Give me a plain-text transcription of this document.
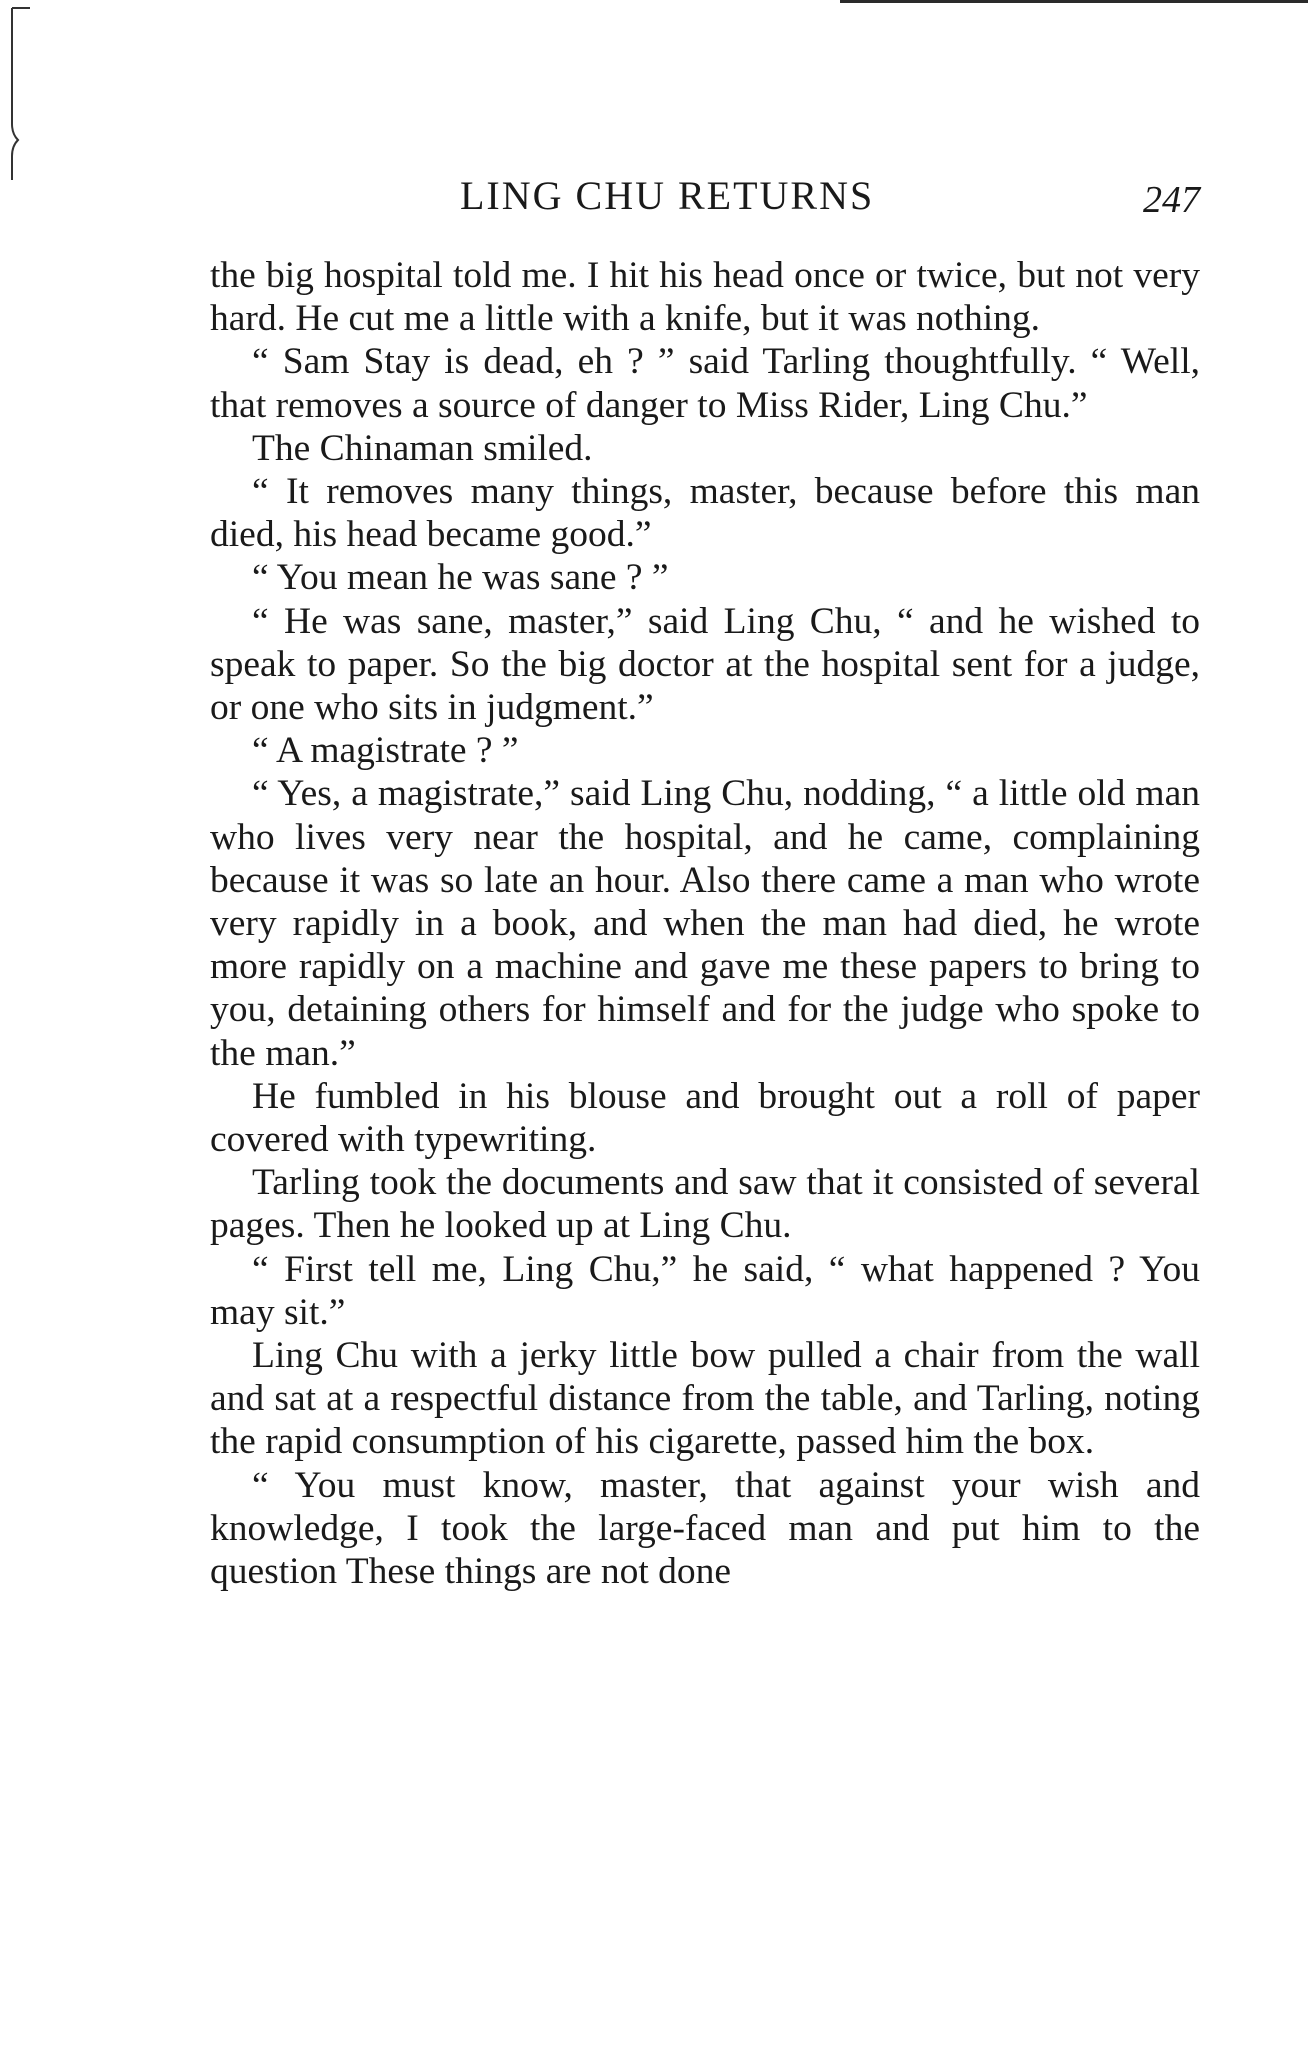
LING CHU RETURNS	247

the big hospital told me. I hit his head once or twice, but not very hard. He cut me a little with a knife, but it was nothing.

“ Sam Stay is dead, eh ? ” said Tarling thoughtfully. “ Well, that removes a source of danger to Miss Rider, Ling Chu.”

The Chinaman smiled.

“ It removes many things, master, because before this man died, his head became good.”

“ You mean he was sane ? ”

“ He was sane, master,” said Ling Chu, “ and he wished to speak to paper. So the big doctor at the hospital sent for a judge, or one who sits in judgment.”

“ A magistrate ? ”

“ Yes, a magistrate,” said Ling Chu, nodding, “ a little old man who lives very near the hospital, and he came, complaining because it was so late an hour. Also there came a man who wrote very rapidly in a book, and when the man had died, he wrote more rapidly on a machine and gave me these papers to bring to you, detaining others for himself and for the judge who spoke to the man.”

He fumbled in his blouse and brought out a roll of paper covered with typewriting.

Tarling took the documents and saw that it consisted of several pages. Then he looked up at Ling Chu.

“ First tell me, Ling Chu,” he said, “ what happened ? You may sit.”

Ling Chu with a jerky little bow pulled a chair from the wall and sat at a respectful distance from the table, and Tarling, noting the rapid consumption of his cigarette, passed him the box.

“ You must know, master, that against your wish and knowledge, I took the large-faced man and put him to the question These things are not done
